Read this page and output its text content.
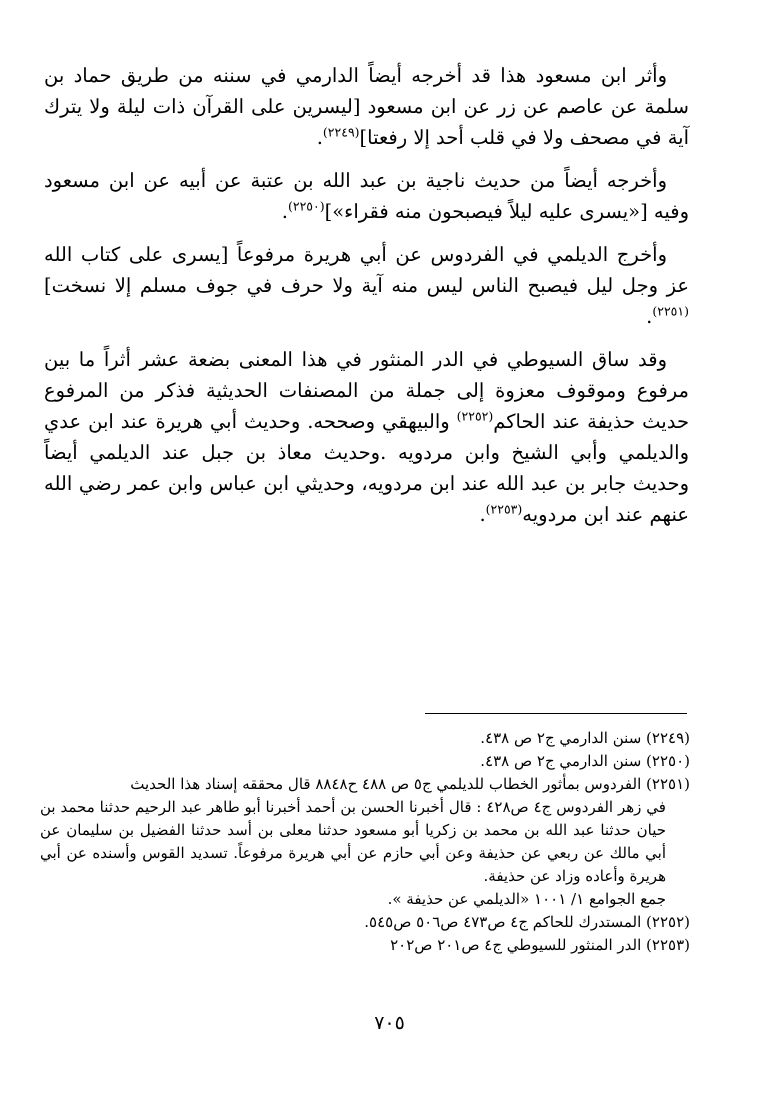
وأثر ابن مسعود هذا قد أخرجه أيضاً الدارمي في سننه من طريق حماد بن سلمة عن عاصم عن زر عن ابن مسعود [ليسرين على القرآن ذات ليلة ولا يترك آية في مصحف ولا في قلب أحد إلا رفعتا]$^{(٢٢٤٩)}$.

وأخرجه أيضاً من حديث ناجية بن عبد الله بن عتبة عن أبيه عن ابن مسعود وفيه [«يسرى عليه ليلاً فيصبحون منه فقراء»]$^{(٢٢٥٠)}$.

وأخرج الديلمي في الفردوس عن أبي هريرة مرفوعاً [يسرى على كتاب الله عز وجل ليل فيصبح الناس ليس منه آية ولا حرف في جوف مسلم إلا نسخت]$^{(٢٢٥١)}$.

وقد ساق السيوطي في الدر المنثور في هذا المعنى بضعة عشر أثراً ما بين مرفوع وموقوف معزوة إلى جملة من المصنفات الحديثية فذكر من المرفوع حديث حذيفة عند الحاكم$^{(٢٢٥٢)}$ والبيهقي وصححه. وحديث أبي هريرة عند ابن عدي والديلمي وأبي الشيخ وابن مردويه .وحديث معاذ بن جبل عند الديلمي أيضاً وحديث جابر بن عبد الله عند ابن مردويه، وحديثي ابن عباس وابن عمر رضي الله عنهم عند ابن مردويه$^{(٢٢٥٣)}$.

(٢٢٤٩) سنن الدارمي ج٢ ص ٤٣٨.

(٢٢٥٠) سنن الدارمي ج٢ ص ٤٣٨.

(٢٢٥١) الفردوس بمأثور الخطاب للديلمي ج٥ ص ٤٨٨ ح٨٨٤٨ قال محققه إسناد هذا الحديث

في زهر الفردوس ج٤ ص٤٢٨ : قال أخبرنا الحسن بن أحمد أخبرنا أبو طاهر عبد الرحيم حدثنا محمد بن حيان حدثنا عبد الله بن محمد بن زكريا أبو مسعود حدثنا معلى بن أسد حدثنا الفضيل بن سليمان عن أبي مالك عن ربعي عن حذيفة وعن أبي حازم عن أبي هريرة مرفوعاً. تسديد القوس وأسنده عن أبي هريرة وأعاده وزاد عن حذيفة.

جمع الجوامع ١/ ١٠٠١ «الديلمي عن حذيفة ».

(٢٢٥٢) المستدرك للحاكم ج٤ ص٤٧٣ ص٥٠٦ ص٥٤٥.

(٢٢٥٣) الدر المنثور للسيوطي ج٤ ص٢٠١ ص٢٠٢

٧٠٥
